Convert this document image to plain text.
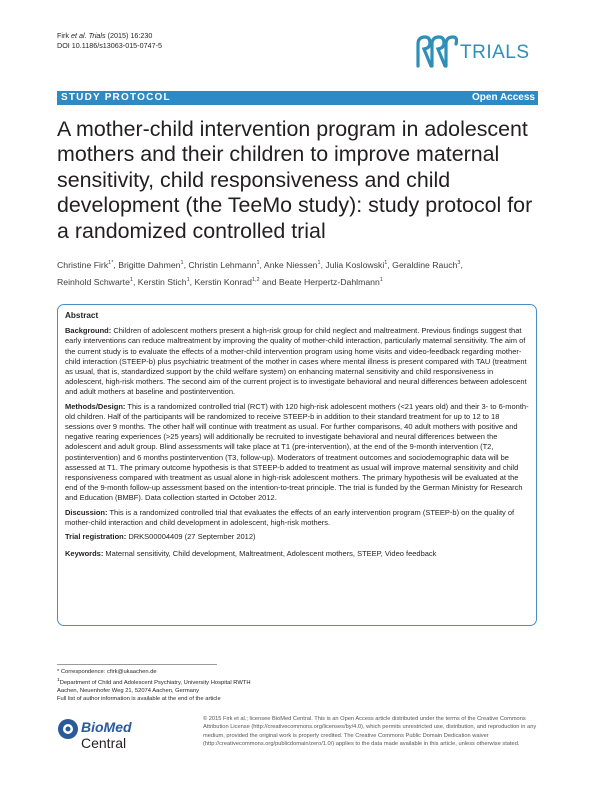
Firk et al. Trials (2015) 16:230
DOI 10.1186/s13063-015-0747-5	TRIALS
STUDY PROTOCOL	Open Access
A mother-child intervention program in adolescent mothers and their children to improve maternal sensitivity, child responsiveness and child development (the TeeMo study): study protocol for a randomized controlled trial
Christine Firk$^{1*}$, Brigitte Dahmen$^1$, Christin Lehmann$^1$, Anke Niessen$^1$, Julia Koslowski$^1$, Geraldine Rauch$^3$,
Reinhold Schwarte$^1$, Kerstin Stich$^1$, Kerstin Konrad$^{1,2}$ and Beate Herpertz-Dahlmann$^1$
Abstract

Background: Children of adolescent mothers present a high-risk group for child neglect and maltreatment. Previous findings suggest that early interventions can reduce maltreatment by improving the quality of mother-child interaction, particularly maternal sensitivity. The aim of the current study is to evaluate the effects of a mother-child intervention program using home visits and video-feedback regarding mother-child interaction (STEEP-b) plus psychiatric treatment of the mother in cases where mental illness is present compared with TAU (treatment as usual, that is, standardized support by the child welfare system) on enhancing maternal sensitivity and child responsiveness in adolescent, high-risk mothers. The second aim of the current project is to investigate behavioral and neural differences between adolescent and adult mothers at baseline and postintervention.

Methods/Design: This is a randomized controlled trial (RCT) with 120 high-risk adolescent mothers (<21 years old) and their 3- to 6-month-old children. Half of the participants will be randomized to receive STEEP-b in addition to their standard treatment for up to 12 to 18 sessions over 9 months. The other half will continue with treatment as usual. For further comparisons, 40 adult mothers with positive and negative rearing experiences (>25 years) will additionally be recruited to investigate behavioral and neural differences between the adolescent and adult group. Blind assessments will take place at T1 (pre-intervention), at the end of the 9-month intervention (T2, postintervention) and 6 months postintervention (T3, follow-up). Moderators of treatment outcomes and sociodemographic data will be assessed at T1. The primary outcome hypothesis is that STEEP-b added to treatment as usual will improve maternal sensitivity and child responsiveness compared with treatment as usual alone in high-risk adolescent mothers. The primary hypothesis will be evaluated at the end of the 9-month follow-up assessment based on the intention-to-treat principle. The trial is funded by the German Ministry for Research and Education (BMBF). Data collection started in October 2012.

Discussion: This is a randomized controlled trial that evaluates the effects of an early intervention program (STEEP-b) on the quality of mother-child interaction and child development in adolescent, high-risk mothers.

Trial registration: DRKS00004409 (27 September 2012)

Keywords: Maternal sensitivity, Child development, Maltreatment, Adolescent mothers, STEEP, Video feedback

* Correspondence: cfirk@ukaachen.de
$^1$Department of Child and Adolescent Psychiatry, University Hospital RWTH
Aachen, Neuenhofer Weg 21, 52074 Aachen, Germany
Full list of author information is available at the end of the article
BioMed Central
© 2015 Firk et al.; licensee BioMed Central. This is an Open Access article distributed under the terms of the Creative Commons Attribution License (http://creativecommons.org/licenses/by/4.0), which permits unrestricted use, distribution, and reproduction in any medium, provided the original work is properly credited. The Creative Commons Public Domain Dedication waiver (http://creativecommons.org/publicdomain/zero/1.0/) applies to the data made available in this article, unless otherwise stated.
